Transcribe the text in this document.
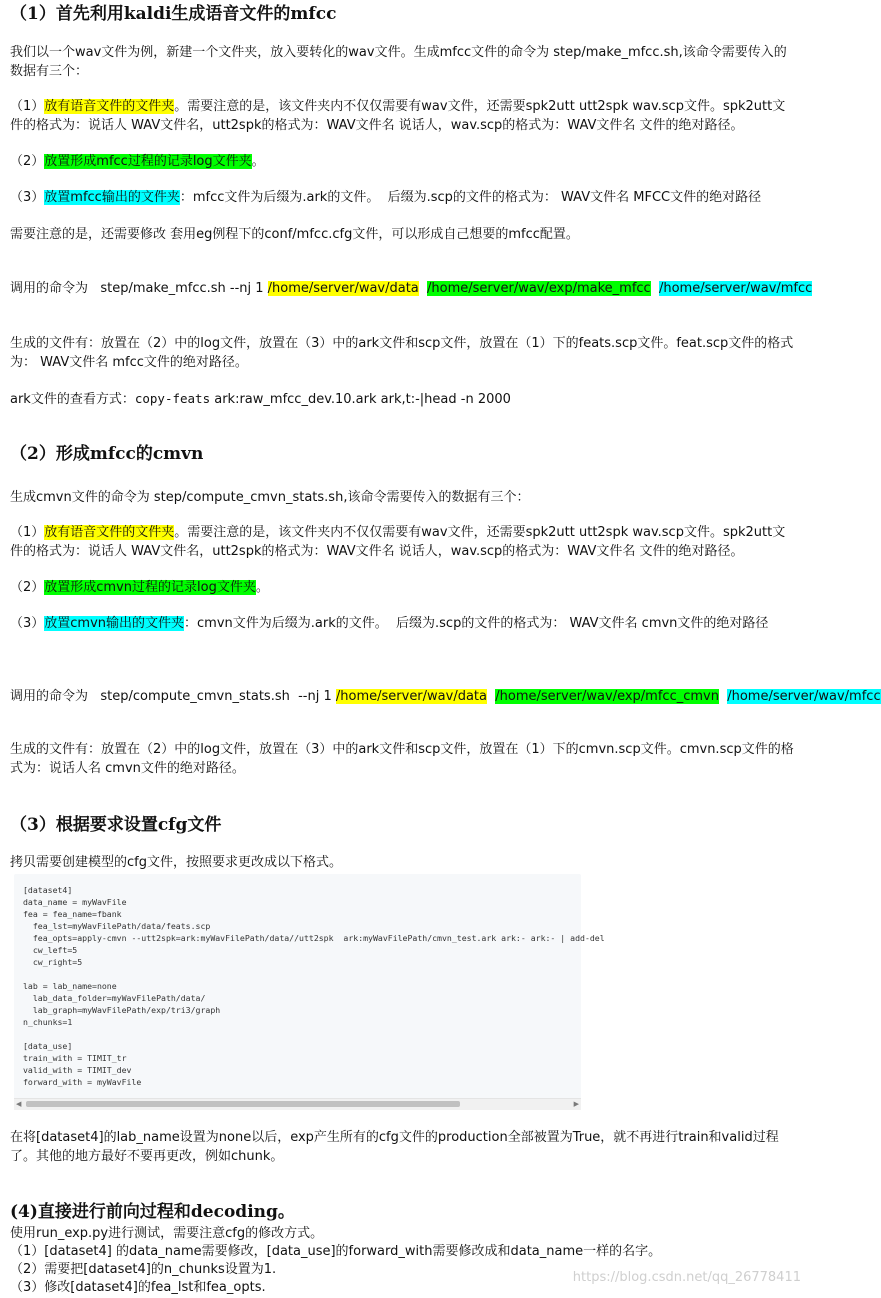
（1）首先利用kaldi生成语音文件的mfcc
我们以一个wav文件为例，新建一个文件夹，放入要转化的wav文件。生成mfcc文件的命令为 step/make_mfcc.sh,该命令需要传入的数据有三个：
（1）放有语音文件的文件夹。需要注意的是，该文件夹内不仅仅需要有wav文件，还需要spk2utt utt2spk wav.scp文件。spk2utt文件的格式为：说话人 WAV文件名，utt2spk的格式为：WAV文件名 说话人，wav.scp的格式为：WAV文件名 文件的绝对路径。
（2）放置形成mfcc过程的记录log文件夹。
（3）放置mfcc输出的文件夹：mfcc文件为后缀为.ark的文件。  后缀为.scp的文件的格式为： WAV文件名 MFCC文件的绝对路径
需要注意的是，还需要修改 套用eg例程下的conf/mfcc.cfg文件，可以形成自己想要的mfcc配置。
调用的命令为   step/make_mfcc.sh --nj 1 /home/server/wav/data /home/server/wav/exp/make_mfcc /home/server/wav/mfcc
生成的文件有：放置在（2）中的log文件，放置在（3）中的ark文件和scp文件，放置在（1）下的feats.scp文件。feat.scp文件的格式为： WAV文件名 mfcc文件的绝对路径。
ark文件的查看方式：copy-feats ark:raw_mfcc_dev.10.ark ark,t:-|head -n 2000
（2）形成mfcc的cmvn
生成cmvn文件的命令为 step/compute_cmvn_stats.sh,该命令需要传入的数据有三个：
（1）放有语音文件的文件夹。需要注意的是，该文件夹内不仅仅需要有wav文件，还需要spk2utt utt2spk wav.scp文件。spk2utt文件的格式为：说话人 WAV文件名，utt2spk的格式为：WAV文件名 说话人，wav.scp的格式为：WAV文件名 文件的绝对路径。
（2）放置形成cmvn过程的记录log文件夹。
（3）放置cmvn输出的文件夹：cmvn文件为后缀为.ark的文件。  后缀为.scp的文件的格式为： WAV文件名 cmvn文件的绝对路径
调用的命令为   step/compute_cmvn_stats.sh  --nj 1 /home/server/wav/data /home/server/wav/exp/mfcc_cmvn /home/server/wav/mfcc
生成的文件有：放置在（2）中的log文件，放置在（3）中的ark文件和scp文件，放置在（1）下的cmvn.scp文件。cmvn.scp文件的格式为：说话人名 cmvn文件的绝对路径。
（3）根据要求设置cfg文件
拷贝需要创建模型的cfg文件，按照要求更改成以下格式。
[dataset4]
data_name = myWavFile
fea = fea_name=fbank
fea_lst=myWavFilePath/data/feats.scp
fea_opts=apply-cmvn --utt2spk=ark:myWavFilePath/data//utt2spk  ark:myWavFilePath/cmvn_test.ark ark:- ark:- | add-del
cw_left=5
cw_right=5

lab = lab_name=none
lab_data_folder=myWavFilePath/data/
lab_graph=myWavFilePath/exp/tri3/graph
n_chunks=1

[data_use]
train_with = TIMIT_tr
valid_with = TIMIT_dev
forward_with = myWavFile
◀	▶
在将[dataset4]的lab_name设置为none以后，exp产生所有的cfg文件的production全部被置为True，就不再进行train和valid过程了。其他的地方最好不要再更改，例如chunk。
(4)直接进行前向过程和decoding。
使用run_exp.py进行测试，需要注意cfg的修改方式。
（1）[dataset4] 的data_name需要修改，[data_use]的forward_with需要修改成和data_name一样的名字。
（2）需要把[dataset4]的n_chunks设置为1.
（3）修改[dataset4]的fea_lst和fea_opts.
https://blog.csdn.net/qq_26778411
